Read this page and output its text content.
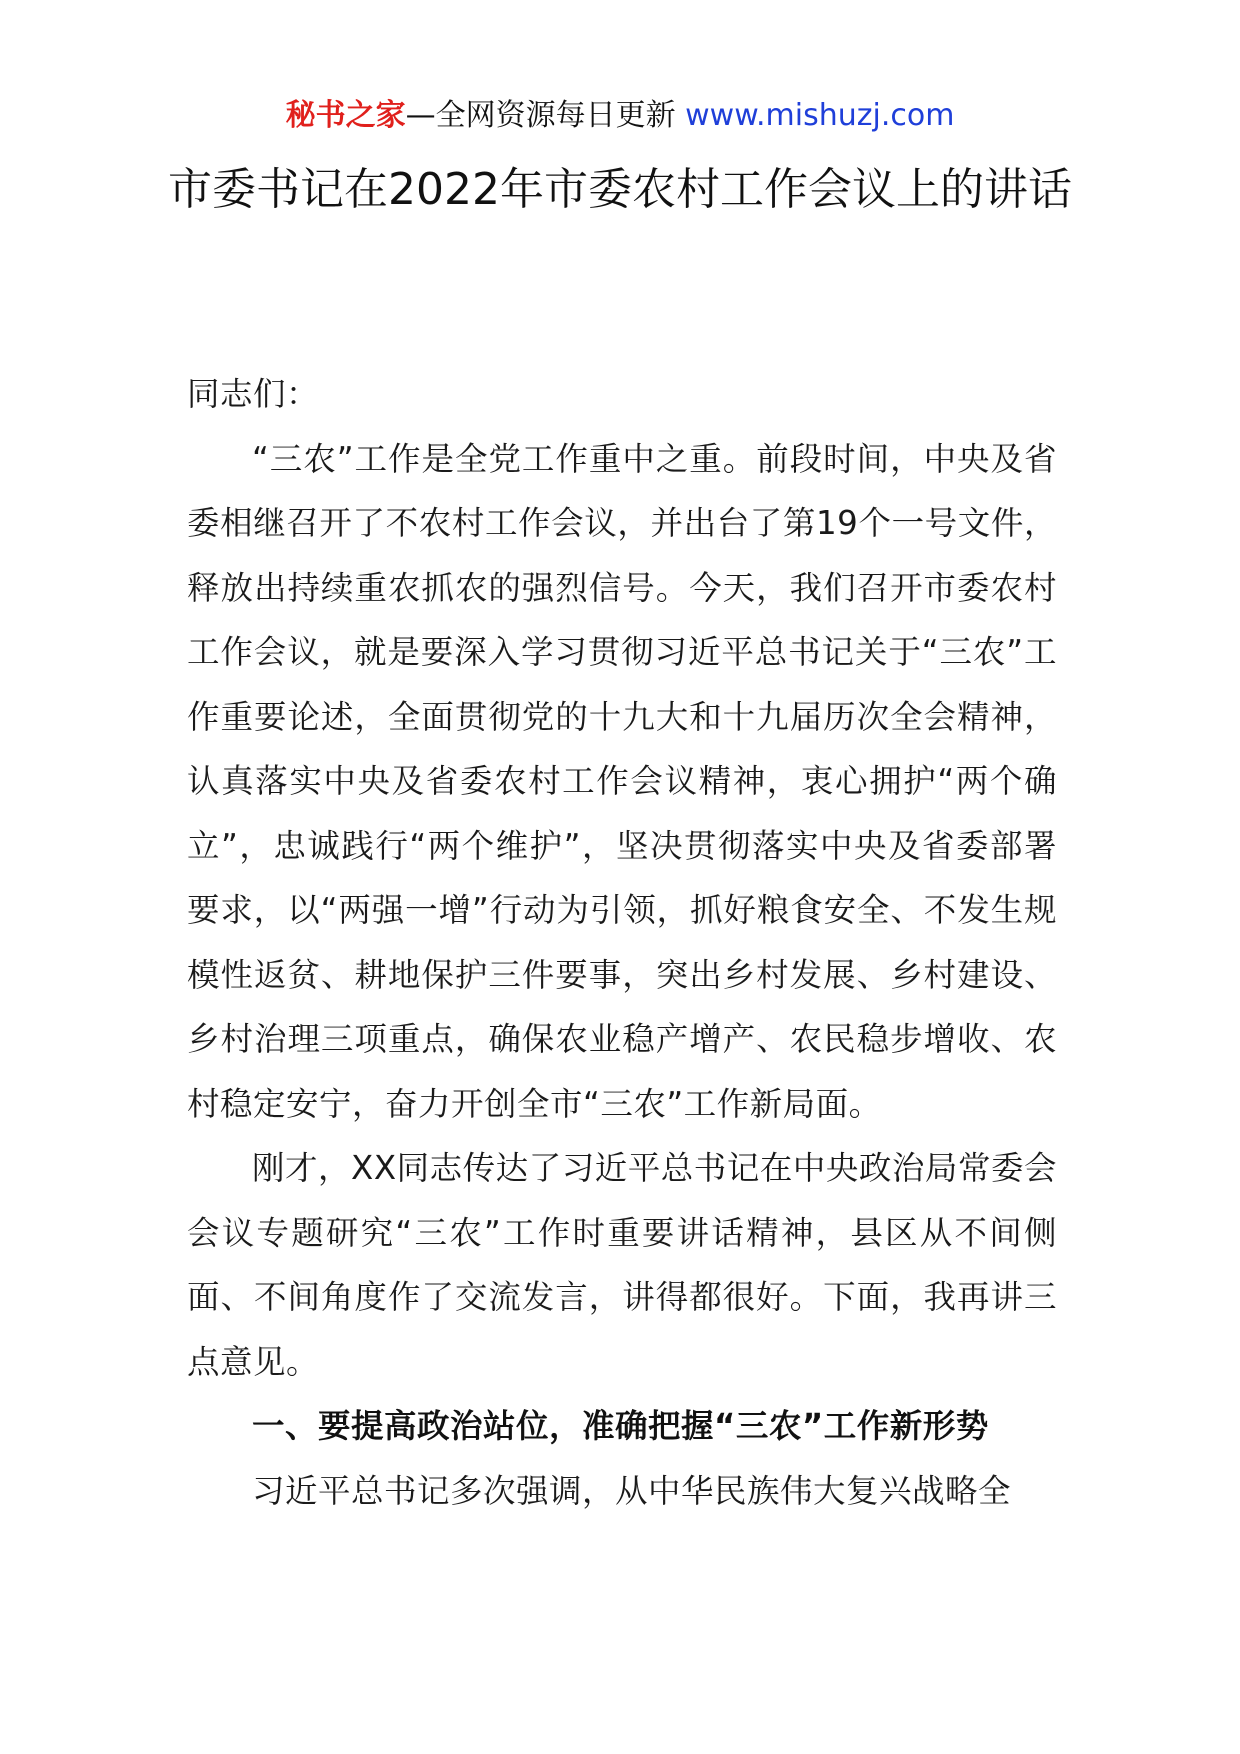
秘书之家—全网资源每日更新 www.mishuzj.com
市委书记在2022年市委农村工作会议上的讲话

同志们：

“三农”工作是全党工作重中之重。前段时间，中央及省委相继召开了不农村工作会议，并出台了第19个一号文件，释放出持续重农抓农的强烈信号。今天，我们召开市委农村工作会议，就是要深入学习贯彻习近平总书记关于“三农”工作重要论述，全面贯彻党的十九大和十九届历次全会精神，认真落实中央及省委农村工作会议精神，衷心拥护“两个确立”，忠诚践行“两个维护”，坚决贯彻落实中央及省委部署要求，以“两强一增”行动为引领，抓好粮食安全、不发生规模性返贫、耕地保护三件要事，突出乡村发展、乡村建设、乡村治理三项重点，确保农业稳产增产、农民稳步增收、农村稳定安宁，奋力开创全市“三农”工作新局面。

刚才，XX同志传达了习近平总书记在中央政治局常委会会议专题研究“三农”工作时重要讲话精神，县区从不间侧面、不间角度作了交流发言，讲得都很好。下面，我再讲三点意见。

一、要提高政治站位，准确把握“三农”工作新形势

习近平总书记多次强调，从中华民族伟大复兴战略全
